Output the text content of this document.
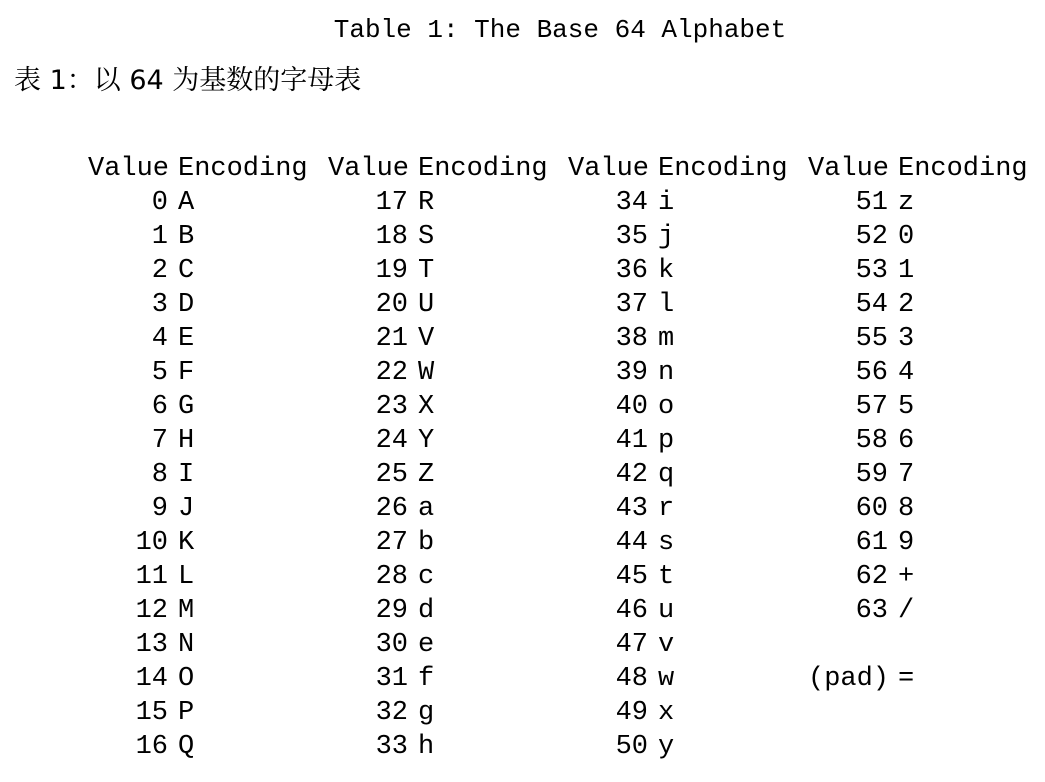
Table 1: The Base 64 Alphabet
表 1：以 64 为基数的字母表
Value Encoding Value Encoding Value Encoding Value Encoding
0 A
1 B
2 C
3 D
4 E
5 F
6 G
7 H
8 I
9 J
10 K
11 L
12 M
13 N
14 O
15 P
16 Q
17 R
18 S
19 T
20 U
21 V
22 W
23 X
24 Y
25 Z
26 a
27 b
28 c
29 d
30 e
31 f
32 g
33 h
34 i
35 j
36 k
37 l
38 m
39 n
40 o
41 p
42 q
43 r
44 s
45 t
46 u
47 v
48 w
49 x
50 y
51 z
52 0
53 1
54 2
55 3
56 4
57 5
58 6
59 7
60 8
61 9
62 +
63 /
(pad) =
